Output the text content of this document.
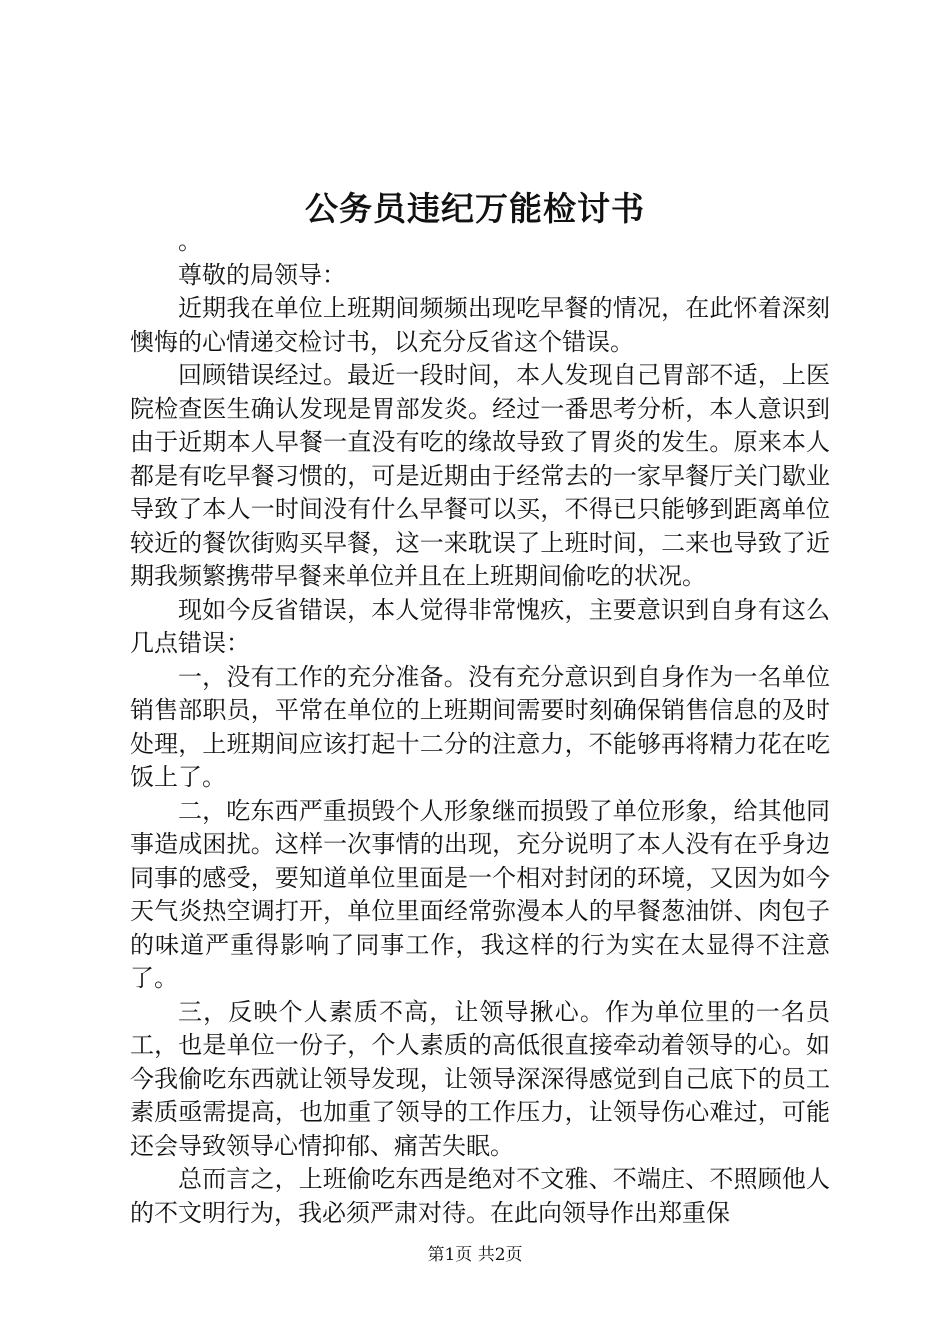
公务员违纪万能检讨书

。

尊敬的局领导：

近期我在单位上班期间频频出现吃早餐的情况，在此怀着深刻懊悔的心情递交检讨书，以充分反省这个错误。

回顾错误经过。最近一段时间，本人发现自己胃部不适，上医院检查医生确认发现是胃部发炎。经过一番思考分析，本人意识到由于近期本人早餐一直没有吃的缘故导致了胃炎的发生。原来本人都是有吃早餐习惯的，可是近期由于经常去的一家早餐厅关门歇业导致了本人一时间没有什么早餐可以买，不得已只能够到距离单位较近的餐饮街购买早餐，这一来耽误了上班时间，二来也导致了近期我频繁携带早餐来单位并且在上班期间偷吃的状况。

现如今反省错误，本人觉得非常愧疚，主要意识到自身有这么几点错误：

一，没有工作的充分准备。没有充分意识到自身作为一名单位销售部职员，平常在单位的上班期间需要时刻确保销售信息的及时处理，上班期间应该打起十二分的注意力，不能够再将精力花在吃饭上了。

二，吃东西严重损毁个人形象继而损毁了单位形象，给其他同事造成困扰。这样一次事情的出现，充分说明了本人没有在乎身边同事的感受，要知道单位里面是一个相对封闭的环境，又因为如今天气炎热空调打开，单位里面经常弥漫本人的早餐葱油饼、肉包子的味道严重得影响了同事工作，我这样的行为实在太显得不注意了。

三，反映个人素质不高，让领导揪心。作为单位里的一名员工，也是单位一份子，个人素质的高低很直接牵动着领导的心。如今我偷吃东西就让领导发现，让领导深深得感觉到自己底下的员工素质亟需提高，也加重了领导的工作压力，让领导伤心难过，可能还会导致领导心情抑郁、痛苦失眠。

总而言之，上班偷吃东西是绝对不文雅、不端庄、不照顾他人的不文明行为，我必须严肃对待。在此向领导作出郑重保

第1页 共2页
